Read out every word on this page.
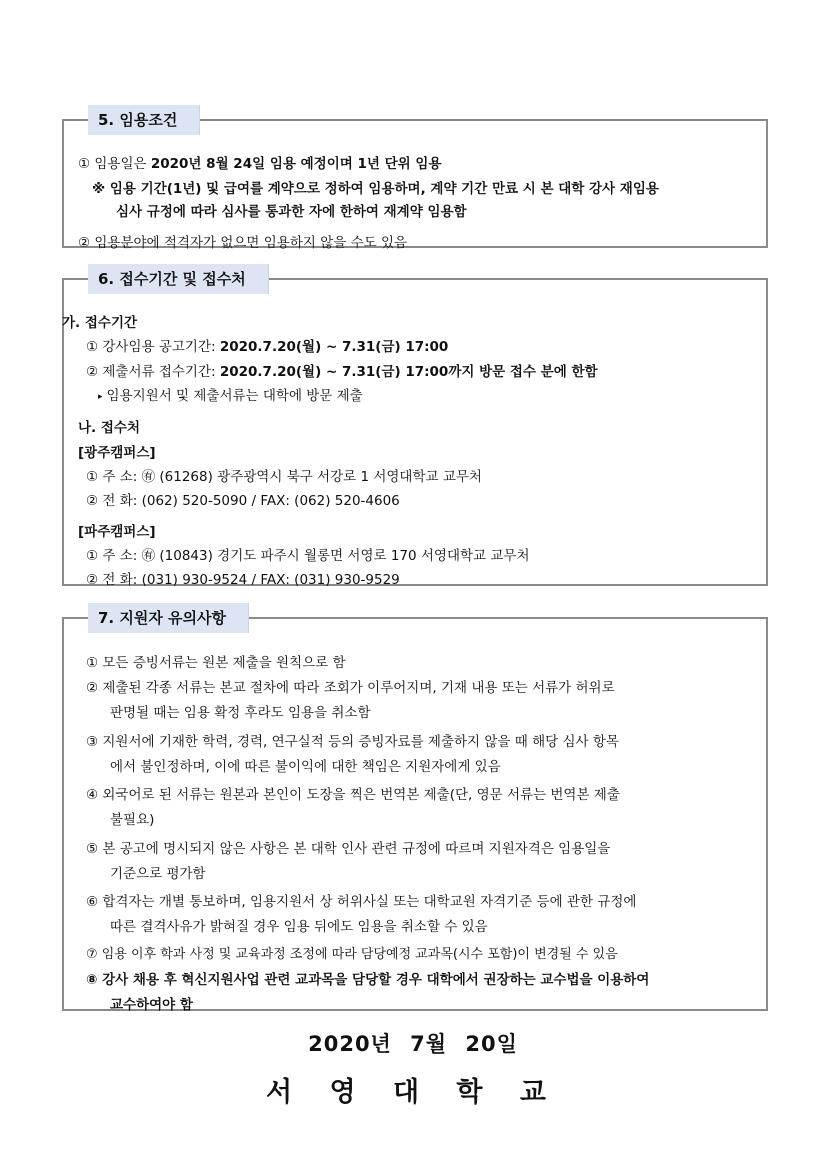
5. 임용조건
① 임용일은 2020년 8월 24일 임용 예정이며 1년 단위 임용
※ 임용 기간(1년) 및 급여를 계약으로 정하여 임용하며, 계약 기간 만료 시 본 대학 강사 재임용
심사 규정에 따라 심사를 통과한 자에 한하여 재계약 임용함
② 임용분야에 적격자가 없으면 임용하지 않을 수도 있음
6. 접수기간 및 접수처
가. 접수기간
① 강사임용 공고기간: 2020.7.20(월) ~ 7.31(금) 17:00
② 제출서류 접수기간: 2020.7.20(월) ~ 7.31(금) 17:00까지 방문 접수 분에 한함
▸ 임용지원서 및 제출서류는 대학에 방문 제출
나. 접수처
[광주캠퍼스]
① 주 소: ㊒ (61268) 광주광역시 북구 서강로 1 서영대학교 교무처
② 전 화: (062) 520-5090 / FAX: (062) 520-4606
[파주캠퍼스]
① 주 소: ㊒ (10843) 경기도 파주시 월롱면 서영로 170 서영대학교 교무처
② 전 화: (031) 930-9524 / FAX: (031) 930-9529
7. 지원자 유의사항
① 모든 증빙서류는 원본 제출을 원칙으로 함
② 제출된 각종 서류는 본교 절차에 따라 조회가 이루어지며, 기재 내용 또는 서류가 허위로
판명될 때는 임용 확정 후라도 임용을 취소함
③ 지원서에 기재한 학력, 경력, 연구실적 등의 증빙자료를 제출하지 않을 때 해당 심사 항목
에서 불인정하며, 이에 따른 불이익에 대한 책임은 지원자에게 있음
④ 외국어로 된 서류는 원본과 본인이 도장을 찍은 번역본 제출(단, 영문 서류는 번역본 제출
불필요)
⑤ 본 공고에 명시되지 않은 사항은 본 대학 인사 관련 규정에 따르며 지원자격은 임용일을
기준으로 평가함
⑥ 합격자는 개별 통보하며, 임용지원서 상 허위사실 또는 대학교원 자격기준 등에 관한 규정에
따른 결격사유가 밝혀질 경우 임용 뒤에도 임용을 취소할 수 있음
⑦ 임용 이후 학과 사정 및 교육과정 조정에 따라 담당예정 교과목(시수 포함)이 변경될 수 있음
⑧ 강사 채용 후 혁신지원사업 관련 교과목을 담당할 경우 대학에서 권장하는 교수법을 이용하여
교수하여야 함
2020년 7월 20일
서 영 대 학 교
